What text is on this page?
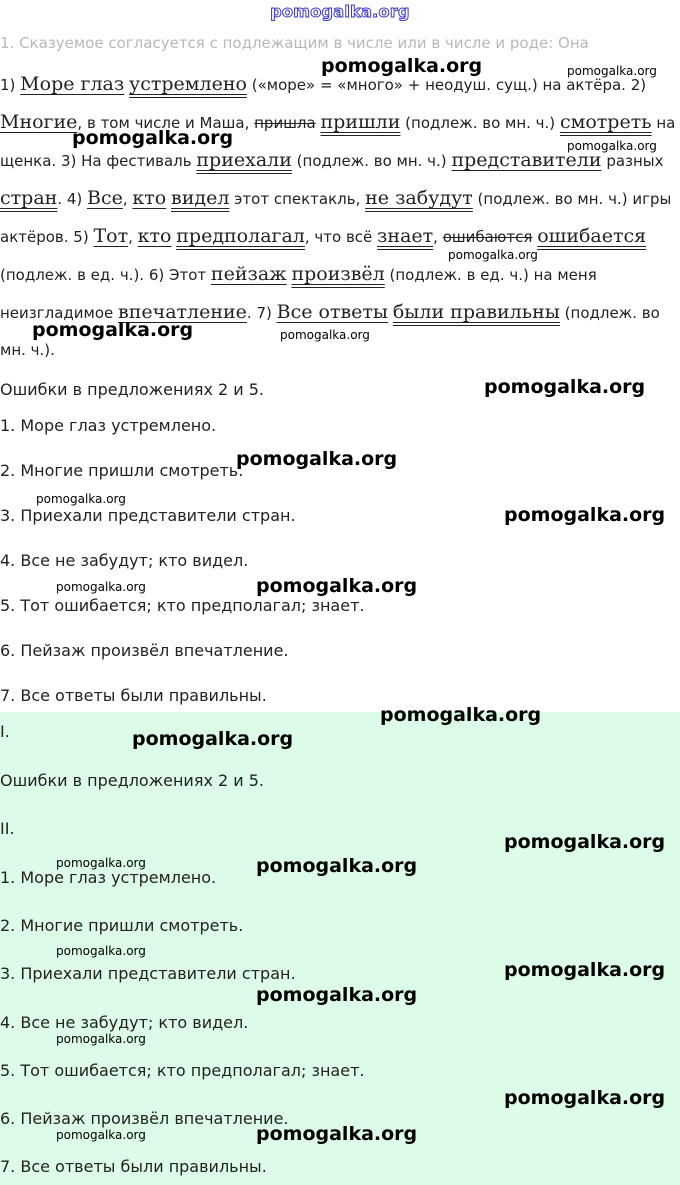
pomogalka.org
1. Сказуемое согласуется с подлежащим в числе или в числе и роде: Она
1) Море глаз устремлено («море» = «много» + неодуш. сущ.) на актёра. 2) Многие, в том числе и Маша, пришла пришли (подлеж. во мн. ч.) смотреть на щенка. 3) На фестиваль приехали (подлеж. во мн. ч.) представители разных стран. 4) Все, кто видел этот спектакль, не забудут (подлеж. во мн. ч.) игры актёров. 5) Тот, кто предполагал, что всё знает, ошибаются ошибается (подлеж. в ед. ч.). 6) Этот пейзаж произвёл (подлеж. в ед. ч.) на меня неизгладимое впечатление. 7) Все ответы были правильны (подлеж. во мн. ч.).
Ошибки в предложениях 2 и 5.
1. Море глаз устремлено.
2. Многие пришли смотреть.
3. Приехали представители стран.
4. Все не забудут; кто видел.
5. Тот ошибается; кто предполагал; знает.
6. Пейзаж произвёл впечатление.
7. Все ответы были правильны.
I.
Ошибки в предложениях 2 и 5.
II.
1. Море глаз устремлено.
2. Многие пришли смотреть.
3. Приехали представители стран.
4. Все не забудут; кто видел.
5. Тот ошибается; кто предполагал; знает.
6. Пейзаж произвёл впечатление.
7. Все ответы были правильны.
pomogalka.org	pomogalka.org
pomogalka.org	pomogalka.org
pomogalka.org
pomogalka.org	pomogalka.org
pomogalka.org
pomogalka.org
pomogalka.org
pomogalka.org
pomogalka.org	pomogalka.org
pomogalka.org
pomogalka.org
pomogalka.org
pomogalka.org	pomogalka.org
pomogalka.org
pomogalka.org
pomogalka.org
pomogalka.org
pomogalka.org
pomogalka.org	pomogalka.org
